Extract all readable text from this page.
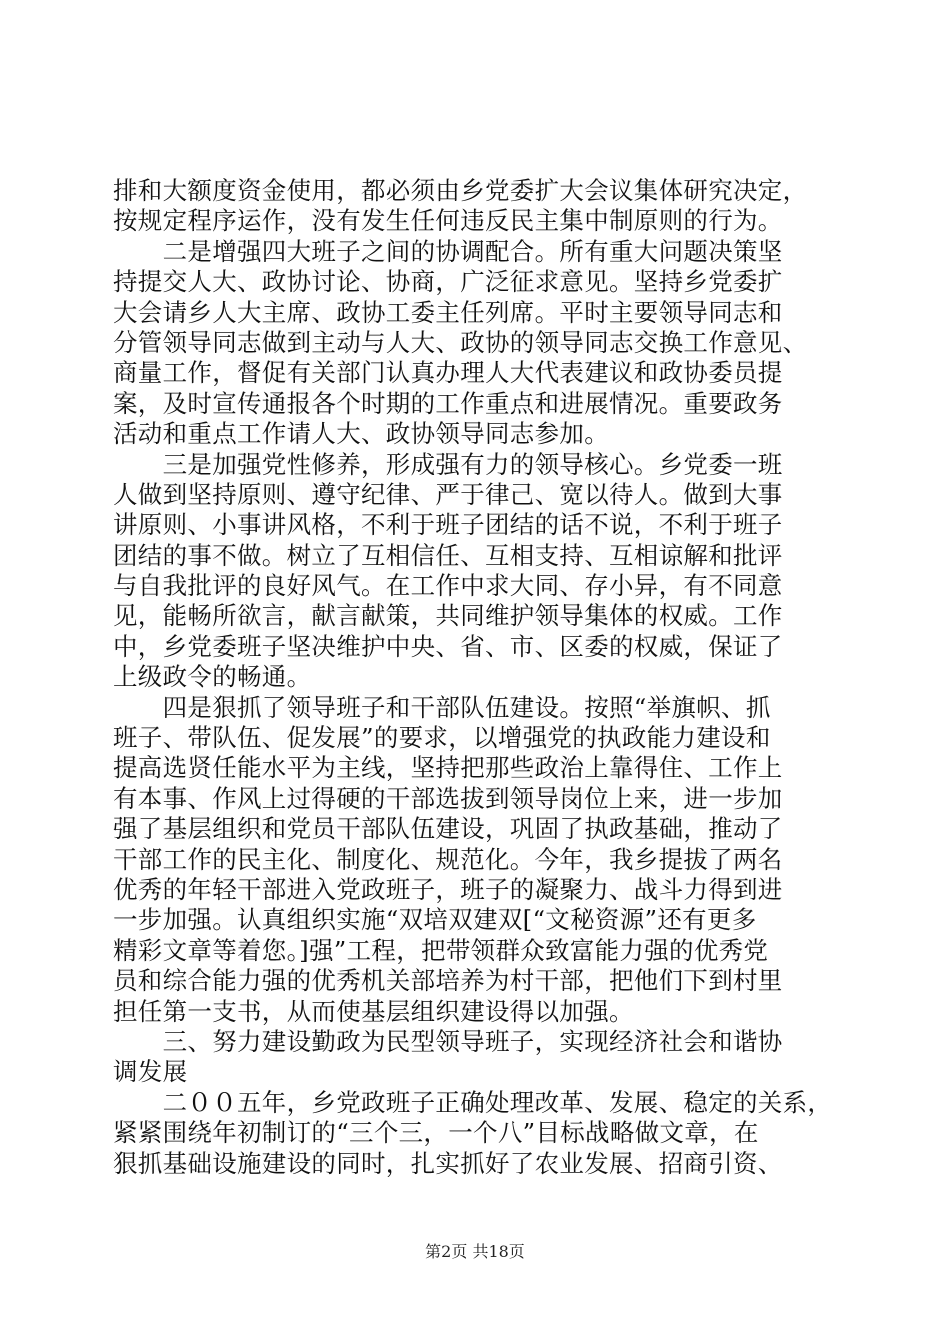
排和大额度资金使用，都必须由乡党委扩大会议集体研究决定，
按规定程序运作，没有发生任何违反民主集中制原则的行为。
　　二是增强四大班子之间的协调配合。所有重大问题决策坚
持提交人大、政协讨论、协商，广泛征求意见。坚持乡党委扩
大会请乡人大主席、政协工委主任列席。平时主要领导同志和
分管领导同志做到主动与人大、政协的领导同志交换工作意见、
商量工作，督促有关部门认真办理人大代表建议和政协委员提
案，及时宣传通报各个时期的工作重点和进展情况。重要政务
活动和重点工作请人大、政协领导同志参加。
　　三是加强党性修养，形成强有力的领导核心。乡党委一班
人做到坚持原则、遵守纪律、严于律己、宽以待人。做到大事
讲原则、小事讲风格，不利于班子团结的话不说，不利于班子
团结的事不做。树立了互相信任、互相支持、互相谅解和批评
与自我批评的良好风气。在工作中求大同、存小异，有不同意
见，能畅所欲言，献言献策，共同维护领导集体的权威。工作
中，乡党委班子坚决维护中央、省、市、区委的权威，保证了
上级政令的畅通。
　　四是狠抓了领导班子和干部队伍建设。按照“举旗帜、抓
班子、带队伍、促发展”的要求，以增强党的执政能力建设和
提高选贤任能水平为主线，坚持把那些政治上靠得住、工作上
有本事、作风上过得硬的干部选拔到领导岗位上来，进一步加
强了基层组织和党员干部队伍建设，巩固了执政基础，推动了
干部工作的民主化、制度化、规范化。今年，我乡提拔了两名
优秀的年轻干部进入党政班子，班子的凝聚力、战斗力得到进
一步加强。认真组织实施“双培双建双[“文秘资源”还有更多
精彩文章等着您。]强”工程，把带领群众致富能力强的优秀党
员和综合能力强的优秀机关部培养为村干部，把他们下到村里
担任第一支书，从而使基层组织建设得以加强。
　　三、努力建设勤政为民型领导班子，实现经济社会和谐协
调发展
　　二００五年，乡党政班子正确处理改革、发展、稳定的关系，
紧紧围绕年初制订的“三个三，一个八”目标战略做文章，在
狠抓基础设施建设的同时，扎实抓好了农业发展、招商引资、
第2页 共18页
